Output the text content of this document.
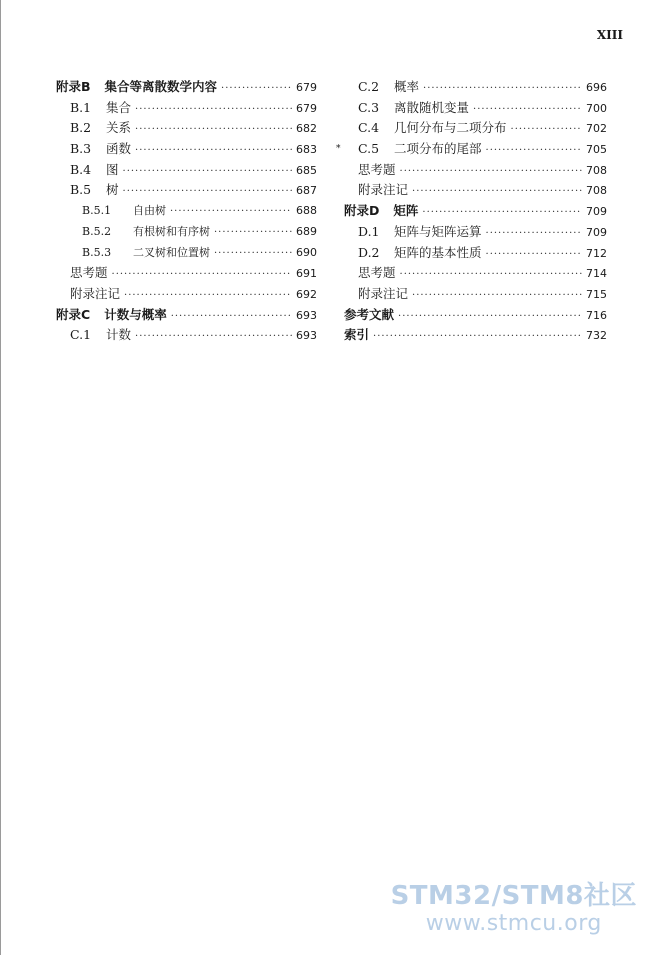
XIII
附录B 集合等离散数学内容 ·····	679
B.1	集合 ·····	679
B.2	关系 ·····	682
B.3	函数 ·····	683
B.4	图 ·····	685
B.5	树 ·····	687
B.5.1	自由树 ·····	688
B.5.2	有根树和有序树 ·····	689
B.5.3	二叉树和位置树 ·····	690
思考题 ·····	691
附录注记 ·····	692
附录C 计数与概率 ·····	693
C.1	计数 ·····	693
C.2	概率 ·····	696
C.3	离散随机变量 ·····	700
C.4	几何分布与二项分布 ·····	702
* C.5	二项分布的尾部 ·····	705
思考题 ·····	708
附录注记 ·····	708
附录D 矩阵 ·····	709
D.1	矩阵与矩阵运算 ·····	709
D.2	矩阵的基本性质 ·····	712
思考题 ·····	714
附录注记 ·····	715
参考文献 ·····	716
索引 ·····	732
STM32/STM8社区
www.stmcu.org
